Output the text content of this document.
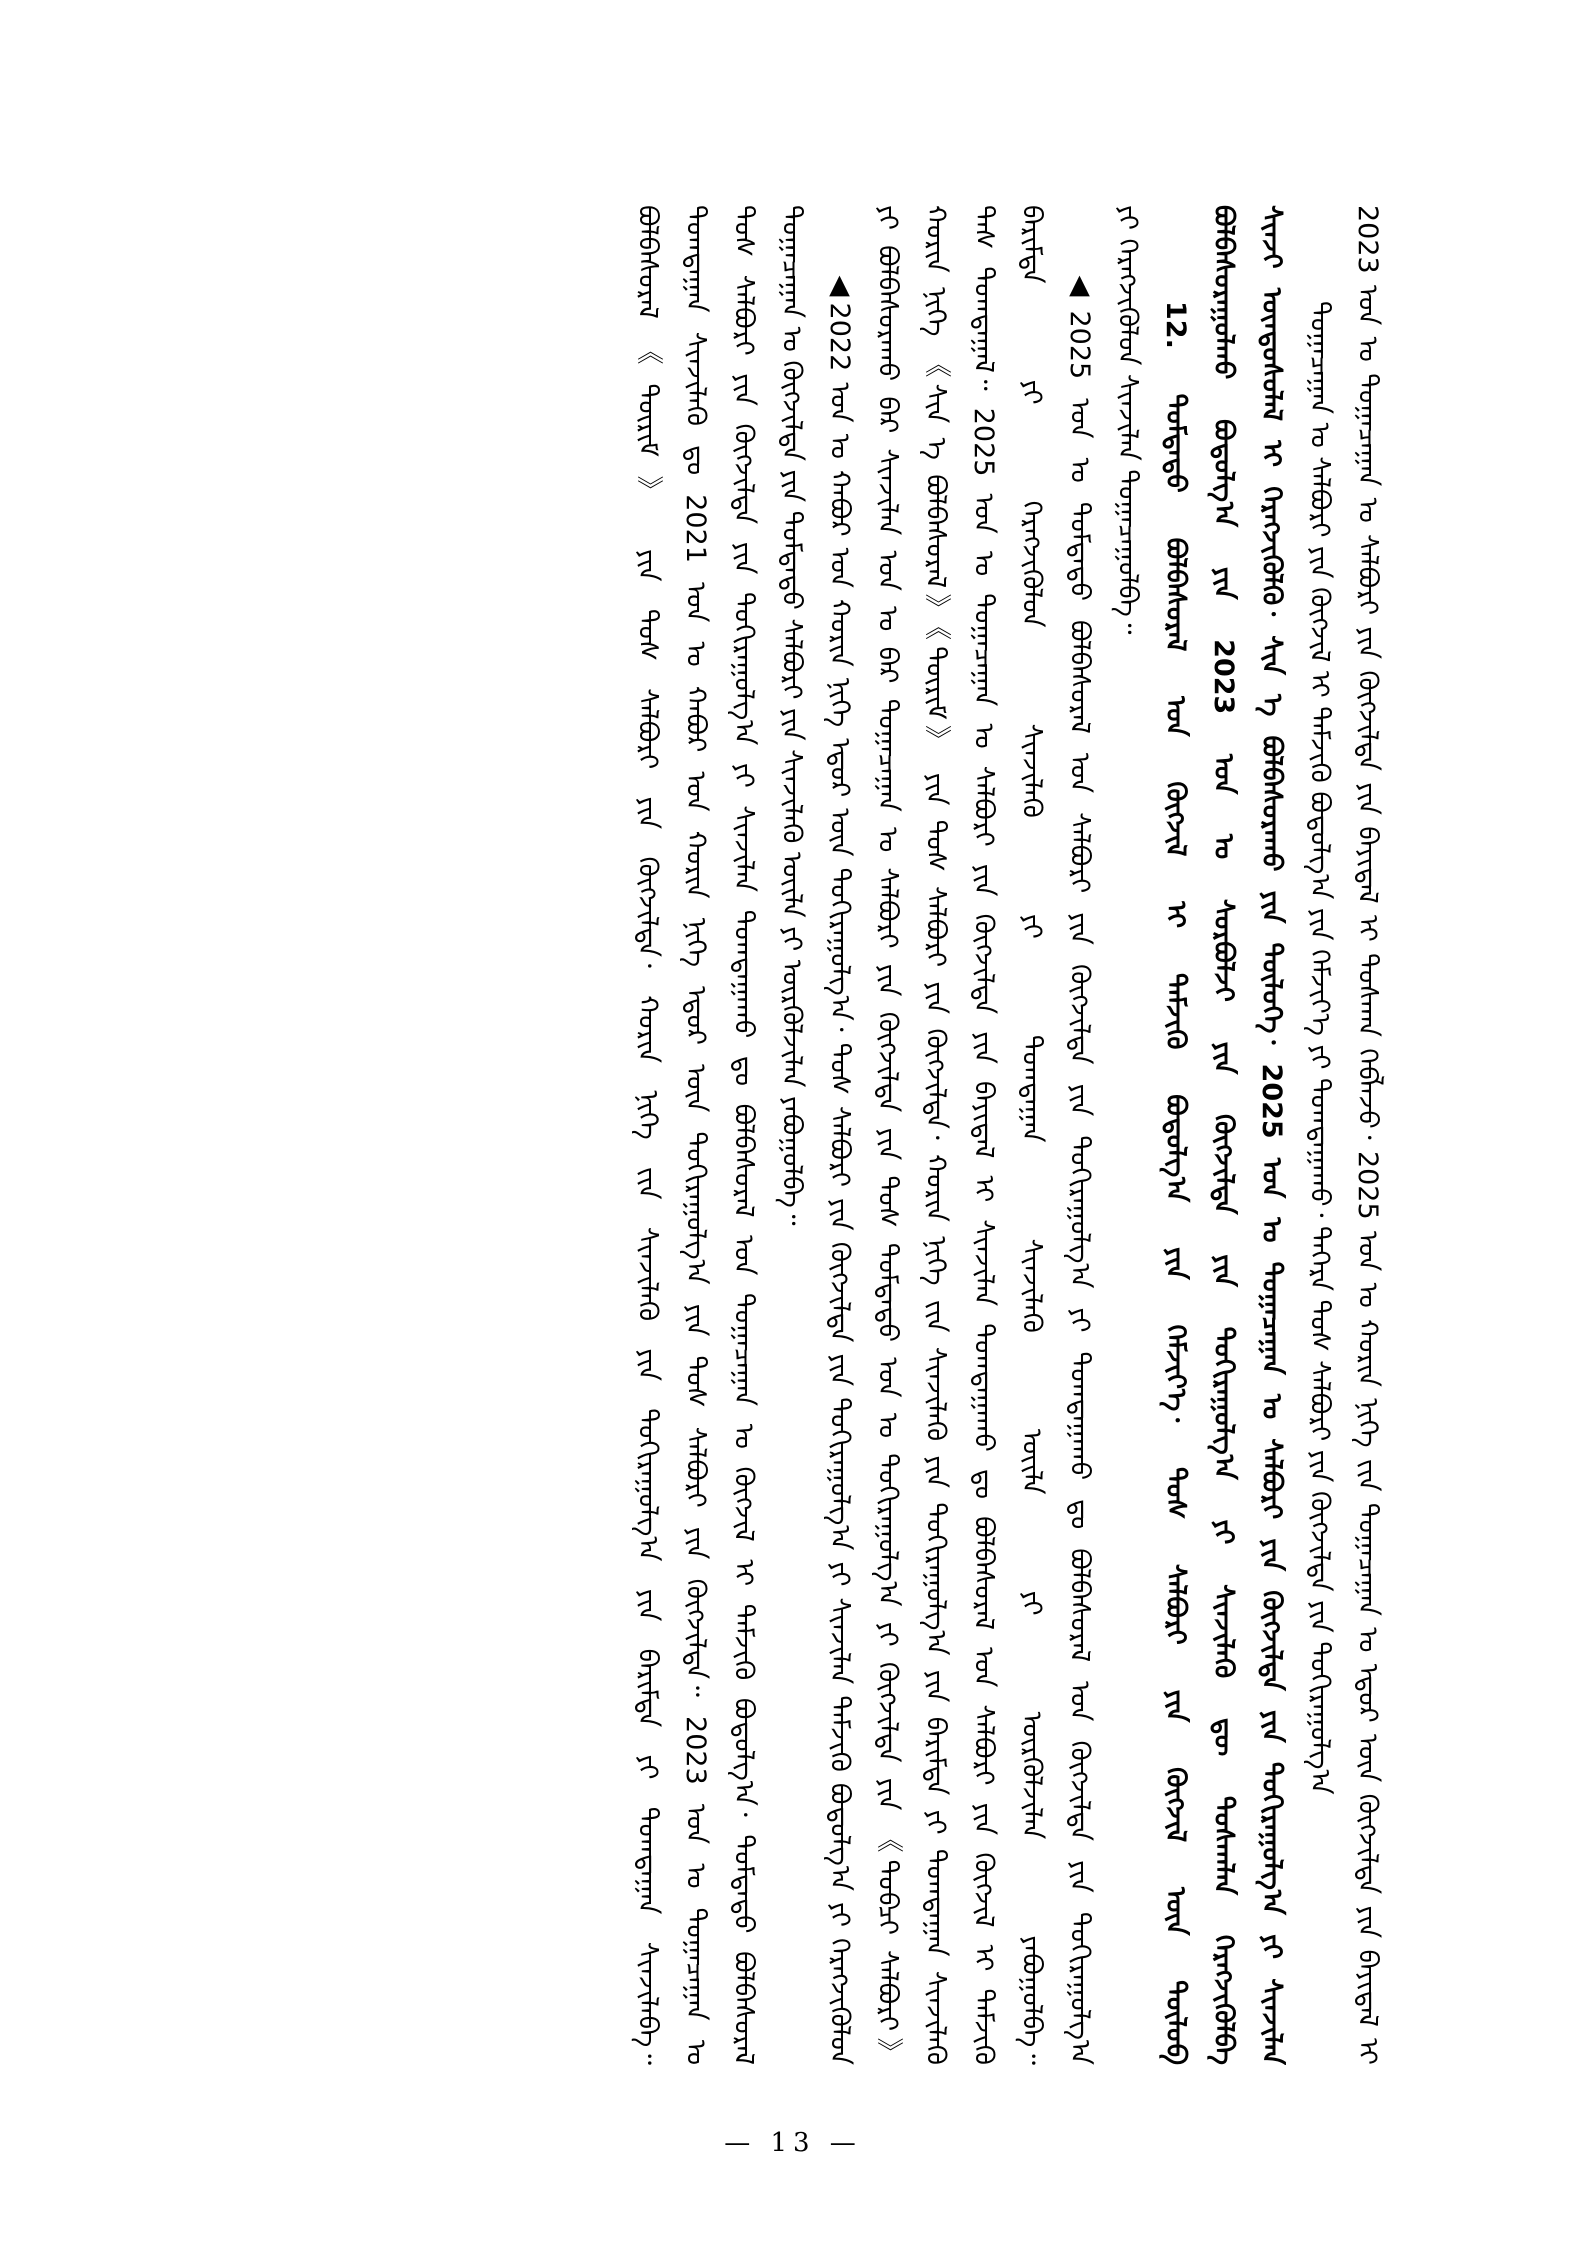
2023 ᠣᠨ ᠤ ᠲᠣᠭᠠᠴᠠᠭᠠᠨ ᠤ ᠰᠠᠯᠪᠤᠷᠢ ᠶᠢᠨ ᠬᠥᠭᠵᠢᠯᠲᠡ ᠶᠢᠨ ᠪᠠᠶᠢᠳᠠᠯ ᠢ ᠲᠤᠰᠬᠠᠨ ᠬᠡᠪᠯᠡᠵᠦ᠂ 2025 ᠣᠨ ᠤ ᠬᠣᠷᠢᠨ ᠨᠢᠭᠡ ᠵᠢᠨ ᠲᠣᠭᠠᠴᠠᠭᠠᠨ ᠤ ᠡᠳᠦᠷ ᠦᠨ ᠬᠥᠭᠵᠢᠯᠲᠡ ᠶᠢᠨ ᠪᠠᠶᠢᠳᠠᠯ ᠢ
ᠲᠣᠭᠠᠴᠠᠭᠠᠨ ᠤ ᠰᠠᠯᠪᠤᠷᠢ ᠶᠢᠨ ᠬᠥᠭᠵᠢᠯ ᠢ ᠳᠡᠮᠵᠢᠬᠦ ᠪᠤᠳᠤᠯᠭ᠎ᠠ ᠶᠢᠨ ᠬᠡᠮᠵᠢᠶ᠎ᠡ ᠶᠢ ᠲᠣᠭᠲᠠᠭᠠᠬᠤ᠂ ᠳᠡᠭᠡᠷᠡ ᠲᠤᠰ ᠰᠠᠯᠪᠤᠷᠢ ᠶᠢᠨ ᠬᠥᠭᠵᠢᠯᠲᠡ ᠶᠢᠨ ᠲᠣᠬᠢᠷᠠᠭᠤᠯᠭ᠎ᠠ
ᠰᠢᠨᠵᠢ ᠦᠨᠳᠦᠰᠦᠯᠡᠯ ᠢ ᠬᠡᠷᠡᠭᠵᠢᠭᠦᠯᠬᠦ᠂ ᠰᠢᠨ ᠡ ᠪᠣᠯᠪᠠᠰᠤᠷᠠᠬᠤ ᠶᠢᠨ ᠲᠥᠯᠦᠭᠡ᠂ 2025 ᠣᠨ ᠤ ᠲᠣᠭᠠᠴᠠᠭᠠᠨ ᠤ ᠰᠠᠯᠪᠤᠷᠢ ᠶᠢᠨ ᠬᠥᠭᠵᠢᠯᠲᠡ ᠶᠢᠨ ᠲᠣᠬᠢᠷᠠᠭᠤᠯᠭ᠎ᠠ ᠶᠢ ᠰᠢᠨᠵᠢᠯᠡᠨ
ᠪᠣᠯᠪᠠᠰᠤᠷᠠᠭᠤᠯᠬᠤ ᠪᠤᠳᠤᠯᠭ᠎ᠠ ᠶᠢᠨ 2023 ᠣᠨ ᠤ ᠰᠤᠷᠪᠤᠯᠵᠢ ᠶᠢᠨ ᠬᠥᠭᠵᠢᠯᠲᠡ ᠶᠢᠨ ᠲᠣᠬᠢᠷᠠᠭᠤᠯᠭ᠎ᠠ ᠶᠢ ᠰᠢᠨᠵᠢᠯᠡᠬᠦ ᠳᠦ ᠲᠤᠰᠬᠠᠯᠠᠨ ᠬᠡᠷᠡᠭᠵᠢᠭᠦᠯᠪᠡ
12. ᠳᠤᠮᠳᠠᠳᠤ ᠪᠣᠯᠪᠠᠰᠤᠷᠠᠯ ᠤᠨ ᠬᠥᠭᠵᠢᠯ ᠢ ᠳᠡᠮᠵᠢᠬᠦ ᠪᠤᠳᠤᠯᠭ᠎ᠠ ᠶᠢᠨ ᠬᠡᠮᠵᠢᠶ᠎ᠡ᠂ ᠲᠤᠰ ᠰᠠᠯᠪᠤᠷᠢ ᠶᠢᠨ ᠬᠥᠭᠵᠢᠯ ᠦᠨ ᠲᠥᠯᠦᠪ
ᠶᠢ ᠬᠡᠷᠡᠭᠵᠢᠭᠦᠯᠦᠨ ᠰᠢᠨᠵᠢᠯᠡᠨ ᠲᠣᠭᠠᠴᠠᠭᠤᠯᠪᠠ᠃
▲2025 ᠣᠨ ᠤ ᠳᠤᠮᠳᠠᠳᠤ ᠪᠣᠯᠪᠠᠰᠤᠷᠠᠯ ᠤᠨ ᠰᠠᠯᠪᠤᠷᠢ ᠶᠢᠨ ᠬᠥᠭᠵᠢᠯᠲᠡ ᠶᠢᠨ ᠲᠣᠬᠢᠷᠠᠭᠤᠯᠭ᠎ᠠ ᠶᠢ ᠲᠣᠭᠲᠠᠭᠠᠬᠤ ᠳᠤ ᠪᠣᠯᠪᠠᠰᠤᠷᠠᠯ ᠤᠨ ᠬᠥᠭᠵᠢᠯᠲᠡ ᠶᠢᠨ ᠲᠣᠬᠢᠷᠠᠭᠤᠯᠭ᠎ᠠ
ᠪᠠᠷᠢᠮᠲᠠ ᠶᠢ ᠬᠡᠷᠡᠭᠵᠢᠭᠦᠯᠦᠨ ᠰᠢᠨᠵᠢᠯᠡᠬᠦ ᠶᠢ ᠲᠣᠭᠲᠠᠭᠠᠨ ᠰᠢᠨᠵᠢᠯᠡᠬᠦ ᠦᠢᠯᠡ ᠶᠢ ᠦᠷᠭᠦᠯᠵᠢᠯᠡᠨ ᠶᠠᠪᠤᠭᠤᠯᠪᠠ᠃
ᠳᠡᠰ ᠲᠣᠭᠲᠠᠭᠠᠯ᠃ 2025 ᠣᠨ ᠤ ᠲᠣᠭᠠᠴᠠᠭᠠᠨ ᠤ ᠰᠠᠯᠪᠤᠷᠢ ᠶᠢᠨ ᠬᠥᠭᠵᠢᠯᠲᠡ ᠶᠢᠨ ᠪᠠᠶᠢᠳᠠᠯ ᠢ ᠰᠢᠨᠵᠢᠯᠡᠨ ᠲᠣᠭᠲᠠᠭᠠᠬᠤ ᠳᠤ ᠪᠣᠯᠪᠠᠰᠤᠷᠠᠯ ᠤᠨ ᠰᠠᠯᠪᠤᠷᠢ ᠶᠢᠨ ᠬᠥᠭᠵᠢᠯ ᠢ ᠳᠡᠮᠵᠢᠬᠦ
ᠬᠣᠷᠢᠨ ᠨᠢᠭᠡ 《ᠰᠢᠨ ᠡ ᠪᠣᠯᠪᠠᠰᠤᠷᠠᠯ》《ᠳᠦᠷᠢᠮ》 ᠶᠢᠨ ᠲᠤᠰ ᠰᠠᠯᠪᠤᠷᠢ ᠶᠢᠨ ᠬᠥᠭᠵᠢᠯᠲᠡ᠂ ᠬᠣᠷᠢᠨ ᠨᠢᠭᠡ ᠵᠢᠨ ᠰᠢᠨᠵᠢᠯᠡᠬᠦ ᠶᠢᠨ ᠲᠣᠬᠢᠷᠠᠭᠤᠯᠭ᠎ᠠ ᠶᠢᠨ ᠪᠠᠷᠢᠮᠲᠠ ᠶᠢ ᠲᠣᠭᠲᠠᠭᠠᠨ ᠰᠢᠨᠵᠢᠯᠡᠬᠦ
ᠶᠢ ᠪᠣᠯᠪᠠᠰᠤᠷᠠᠬᠤ ᠪᠠᠷ ᠰᠢᠨᠵᠢᠯᠡᠨ ᠣᠨ ᠤ ᠪᠠᠷ ᠲᠣᠭᠠᠴᠠᠭᠠᠨ ᠤ ᠰᠠᠯᠪᠤᠷᠢ ᠶᠢᠨ ᠬᠥᠭᠵᠢᠯᠲᠡ ᠶᠢᠨ ᠲᠤᠰ ᠳᠤᠮᠳᠠᠳᠤ ᠣᠨ ᠤ ᠲᠣᠬᠢᠷᠠᠭᠤᠯᠭ᠎ᠠ ᠶᠢ ᠬᠥᠭᠵᠢᠯᠲᠡ ᠶᠢᠨ 《ᠲᠣᠪᠴᠢ ᠰᠠᠯᠪᠤᠷᠢ》
▲2022 ᠣᠨ ᠤ ᠬᠠᠪᠤᠷ ᠤᠨ ᠬᠣᠷᠢᠨ ᠨᠢᠭᠡ ᠡᠳᠦᠷ ᠦᠨ ᠲᠣᠬᠢᠷᠠᠭᠤᠯᠭ᠎ᠠ᠂ ᠲᠤᠰ ᠰᠠᠯᠪᠤᠷᠢ ᠶᠢᠨ ᠬᠥᠭᠵᠢᠯᠲᠡ ᠶᠢᠨ ᠲᠣᠬᠢᠷᠠᠭᠤᠯᠭ᠎ᠠ ᠶᠢ ᠰᠢᠨᠵᠢᠯᠡᠨ ᠳᠡᠮᠵᠢᠬᠦ ᠪᠤᠳᠤᠯᠭ᠎ᠠ ᠶᠢ ᠬᠡᠷᠡᠭᠵᠢᠭᠦᠯᠦᠨ
ᠲᠣᠭᠠᠴᠠᠭᠠᠨ ᠤ ᠬᠥᠭᠵᠢᠯᠲᠡ ᠶᠢᠨ ᠳᠤᠮᠳᠠᠳᠤ ᠰᠠᠯᠪᠤᠷᠢ ᠶᠢᠨ ᠰᠢᠨᠵᠢᠯᠡᠬᠦ ᠦᠢᠯᠡ ᠶᠢ ᠦᠷᠭᠦᠯᠵᠢᠯᠡᠨ ᠶᠠᠪᠤᠭᠤᠯᠪᠠ᠃
ᠲᠤᠰ ᠰᠠᠯᠪᠤᠷᠢ ᠶᠢᠨ ᠬᠥᠭᠵᠢᠯᠲᠡ ᠶᠢᠨ ᠲᠣᠬᠢᠷᠠᠭᠤᠯᠭ᠎ᠠ ᠶᠢ ᠰᠢᠨᠵᠢᠯᠡᠨ ᠲᠣᠭᠲᠠᠭᠠᠬᠤ ᠳᠤ ᠪᠣᠯᠪᠠᠰᠤᠷᠠᠯ ᠤᠨ ᠲᠣᠭᠠᠴᠠᠭᠠᠨ ᠤ ᠬᠥᠭᠵᠢᠯ ᠢ ᠳᠡᠮᠵᠢᠬᠦ ᠪᠤᠳᠤᠯᠭ᠎ᠠ᠂ ᠳᠤᠮᠳᠠᠳᠤ ᠪᠣᠯᠪᠠᠰᠤᠷᠠᠯ
ᠲᠣᠭᠲᠠᠭᠠᠨ ᠰᠢᠨᠵᠢᠯᠡᠬᠦ ᠳᠤ 2021 ᠣᠨ ᠤ ᠬᠠᠪᠤᠷ ᠤᠨ ᠬᠣᠷᠢᠨ ᠨᠢᠭᠡ ᠡᠳᠦᠷ ᠦᠨ ᠲᠣᠬᠢᠷᠠᠭᠤᠯᠭ᠎ᠠ ᠶᠢᠨ ᠲᠤᠰ ᠰᠠᠯᠪᠤᠷᠢ ᠶᠢᠨ ᠬᠥᠭᠵᠢᠯᠲᠡ᠃ 2023 ᠣᠨ ᠤ ᠲᠣᠭᠠᠴᠠᠭᠠᠨ ᠤ
ᠪᠣᠯᠪᠠᠰᠤᠷᠠᠯ《ᠳᠦᠷᠢᠮ》 ᠶᠢᠨ ᠲᠤᠰ ᠰᠠᠯᠪᠤᠷᠢ ᠶᠢᠨ ᠬᠥᠭᠵᠢᠯᠲᠡ᠂ ᠬᠣᠷᠢᠨ ᠨᠢᠭᠡ ᠵᠢᠨ ᠰᠢᠨᠵᠢᠯᠡᠬᠦ ᠶᠢᠨ ᠲᠣᠬᠢᠷᠠᠭᠤᠯᠭ᠎ᠠ ᠶᠢᠨ ᠪᠠᠷᠢᠮᠲᠠ ᠶᠢ ᠲᠣᠭᠲᠠᠭᠠᠨ ᠰᠢᠨᠵᠢᠯᠡᠪᠡ᠃
— 13 —
